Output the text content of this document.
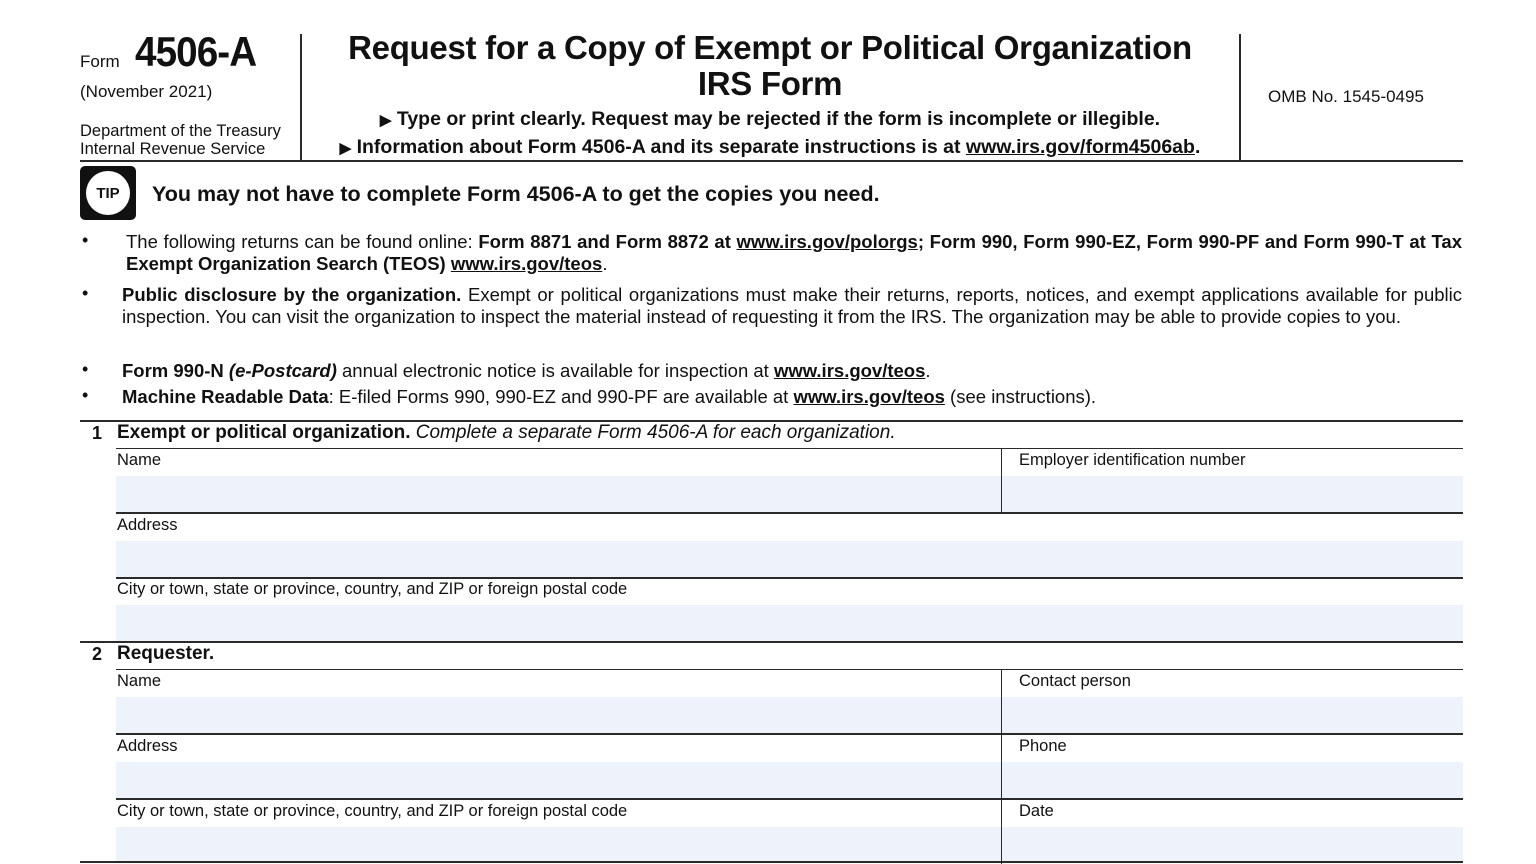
Form 4506-A
(November 2021)
Department of the Treasury
Internal Revenue Service
Request for a Copy of Exempt or Political Organization
IRS Form
▶ Type or print clearly. Request may be rejected if the form is incomplete or illegible.
▶ Information about Form 4506-A and its separate instructions is at www.irs.gov/form4506ab.
OMB No. 1545-0495
TIP	You may not have to complete Form 4506-A to get the copies you need.
• The following returns can be found online: Form 8871 and Form 8872 at www.irs.gov/polorgs; Form 990, Form 990-EZ, Form 990-PF and Form 990-T at Tax Exempt Organization Search (TEOS) www.irs.gov/teos.
• Public disclosure by the organization. Exempt or political organizations must make their returns, reports, notices, and exempt applications available for public inspection. You can visit the organization to inspect the material instead of requesting it from the IRS. The organization may be able to provide copies to you.
• Form 990-N (e-Postcard) annual electronic notice is available for inspection at www.irs.gov/teos.
• Machine Readable Data: E-filed Forms 990, 990-EZ and 990-PF are available at www.irs.gov/teos (see instructions).
1 Exempt or political organization. Complete a separate Form 4506-A for each organization.
Name	Employer identification number
Address
City or town, state or province, country, and ZIP or foreign postal code
2 Requester.
Name	Contact person
Address	Phone
City or town, state or province, country, and ZIP or foreign postal code	Date
